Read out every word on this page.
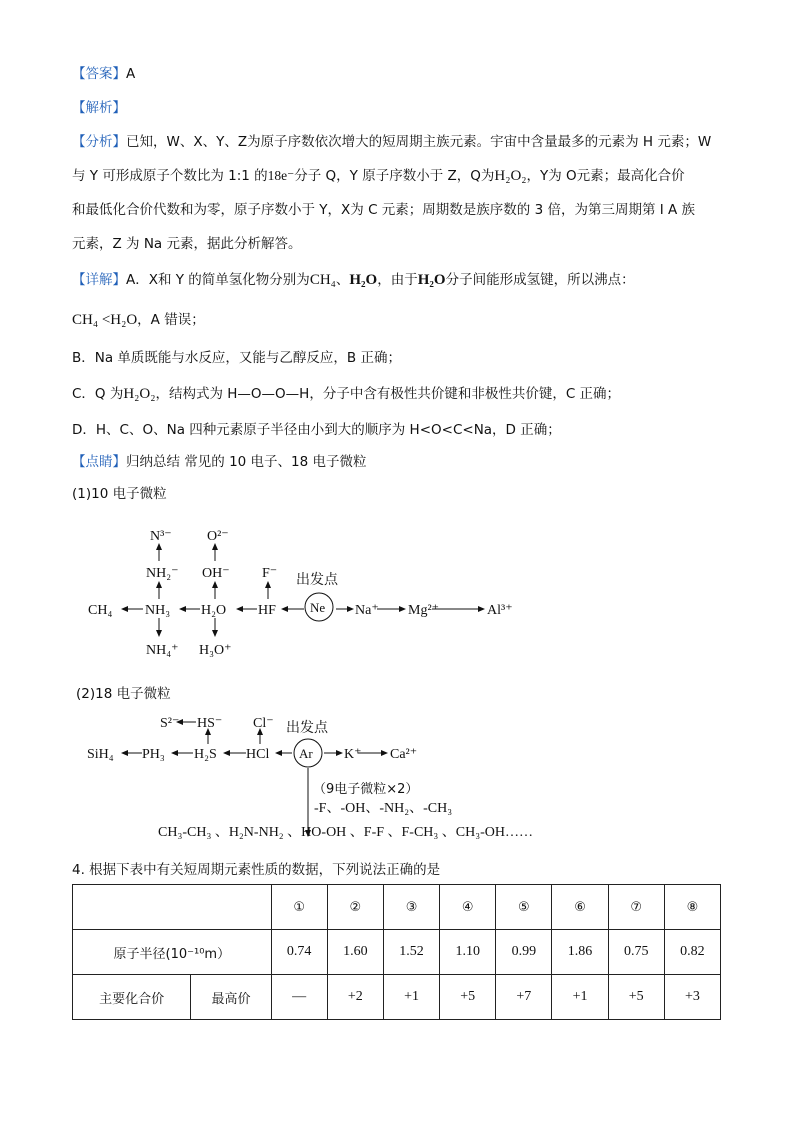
【答案】A
【解析】
【分析】已知，W、X、Y、Z为原子序数依次增大的短周期主族元素。宇宙中含量最多的元素为 H 元素；W
与 Y 可形成原子个数比为 1:1 的18e⁻分子 Q，Y 原子序数小于 Z，Q为H₂O₂，Y为 O元素；最高化合价
和最低化合价代数和为零，原子序数小于 Y，X为 C 元素；周期数是族序数的 3 倍，为第三周期第 I A 族
元素，Z 为 Na 元素，据此分析解答。
【详解】A．X和 Y 的简单氢化物分别为CH₄、H₂O，由于H₂O分子间能形成氢键，所以沸点：
CH₄ <H₂O，A 错误；
B．Na 单质既能与水反应，又能与乙醇反应，B 正确；
C．Q 为H₂O₂，结构式为 H—O—O—H，分子中含有极性共价键和非极性共价键，C 正确；
D．H、C、O、Na 四种元素原子半径由小到大的顺序为 H<O<C<Na，D 正确；
【点睛】归纳总结 常见的 10 电子、18 电子微粒
(1)10 电子微粒
CH₄ NH₃ H₂O HF	Ne Na⁺ Mg²⁺	Al³⁺
NH₂⁻
N³⁻
NH₄⁺
OH⁻
O²⁻
H₃O⁺
F⁻ 出发点
SiH₄ PH₃ H₂S HCl Ar K⁺ Ca²⁺
HS⁻
S²⁻	Cl⁻ 出发点
（9电子微粒×2）
-F、-OH、-NH₂、-CH₃
CH₃-CH₃ 、H₂N-NH₂ 、HO-OH 、F-F 、F-CH₃ 、CH₃-OH……
(2)18 电子微粒
4. 根据下表中有关短周期元素性质的数据，下列说法正确的是
		①	②	③	④	⑤	⑥	⑦	⑧
原子半径(10⁻¹⁰m）		0.74	1.60	1.52	1.10	0.99	1.86	0.75	0.82
主要化合价	最高价	—	+2	+1	+5	+7	+1	+5	+3
